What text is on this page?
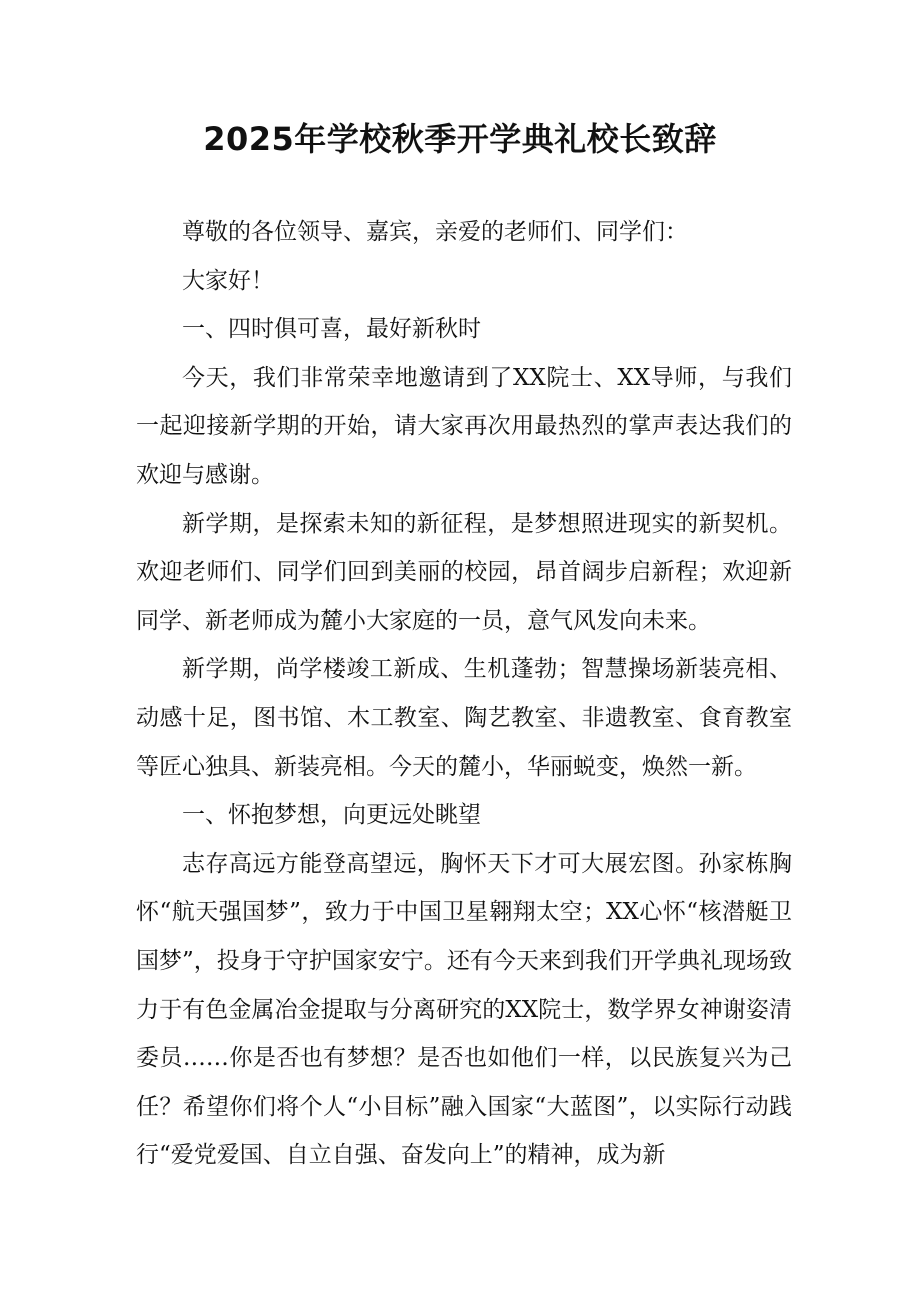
2025年学校秋季开学典礼校长致辞

尊敬的各位领导、嘉宾，亲爱的老师们、同学们：

大家好！

一、四时俱可喜，最好新秋时

今天，我们非常荣幸地邀请到了XX院士、XX导师，与我们一起迎接新学期的开始，请大家再次用最热烈的掌声表达我们的欢迎与感谢。

新学期，是探索未知的新征程，是梦想照进现实的新契机。欢迎老师们、同学们回到美丽的校园，昂首阔步启新程；欢迎新同学、新老师成为麓小大家庭的一员，意气风发向未来。

新学期，尚学楼竣工新成、生机蓬勃；智慧操场新装亮相、动感十足，图书馆、木工教室、陶艺教室、非遗教室、食育教室等匠心独具、新装亮相。今天的麓小，华丽蜕变，焕然一新。

一、怀抱梦想，向更远处眺望

志存高远方能登高望远，胸怀天下才可大展宏图。孙家栋胸怀“航天强国梦”，致力于中国卫星翱翔太空；XX心怀“核潜艇卫国梦”，投身于守护国家安宁。还有今天来到我们开学典礼现场致力于有色金属冶金提取与分离研究的XX院士，数学界女神谢姿清委员……你是否也有梦想？是否也如他们一样，以民族复兴为己任？希望你们将个人“小目标”融入国家“大蓝图”，以实际行动践行“爱党爱国、自立自强、奋发向上”的精神，成为新
